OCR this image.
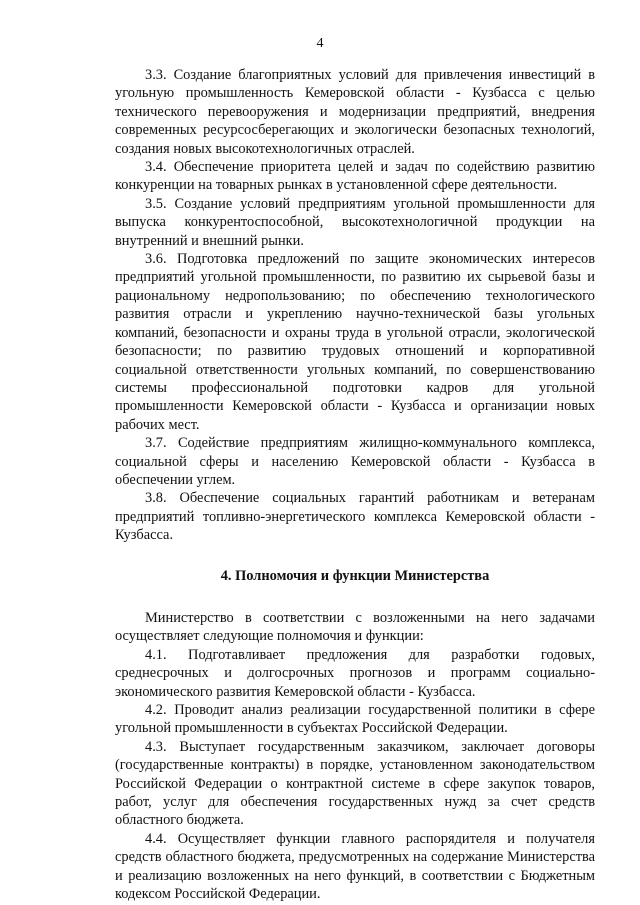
4

3.3. Создание благоприятных условий для привлечения инвестиций в угольную промышленность Кемеровской области - Кузбасса с целью технического перевооружения и модернизации предприятий, внедрения современных ресурсосберегающих и экологически безопасных технологий, создания новых высокотехнологичных отраслей.

3.4. Обеспечение приоритета целей и задач по содействию развитию конкуренции на товарных рынках в установленной сфере деятельности.

3.5. Создание условий предприятиям угольной промышленности для выпуска конкурентоспособной, высокотехнологичной продукции на внутренний и внешний рынки.

3.6. Подготовка предложений по защите экономических интересов предприятий угольной промышленности, по развитию их сырьевой базы и рациональному недропользованию; по обеспечению технологического развития отрасли и укреплению научно-технической базы угольных компаний, безопасности и охраны труда в угольной отрасли, экологической безопасности; по развитию трудовых отношений и корпоративной социальной ответственности угольных компаний, по совершенствованию системы профессиональной подготовки кадров для угольной промышленности Кемеровской области - Кузбасса и организации новых рабочих мест.

3.7. Содействие предприятиям жилищно-коммунального комплекса, социальной сферы и населению Кемеровской области - Кузбасса в обеспечении углем.

3.8. Обеспечение социальных гарантий работникам и ветеранам предприятий топливно-энергетического комплекса Кемеровской области - Кузбасса.

4. Полномочия и функции Министерства

Министерство в соответствии с возложенными на него задачами осуществляет следующие полномочия и функции:

4.1. Подготавливает предложения для разработки годовых, среднесрочных и долгосрочных прогнозов и программ социально-экономического развития Кемеровской области - Кузбасса.

4.2. Проводит анализ реализации государственной политики в сфере угольной промышленности в субъектах Российской Федерации.

4.3. Выступает государственным заказчиком, заключает договоры (государственные контракты) в порядке, установленном законодательством Российской Федерации о контрактной системе в сфере закупок товаров, работ, услуг для обеспечения государственных нужд за счет средств областного бюджета.

4.4. Осуществляет функции главного распорядителя и получателя средств областного бюджета, предусмотренных на содержание Министерства и реализацию возложенных на него функций, в соответствии с Бюджетным кодексом Российской Федерации.
